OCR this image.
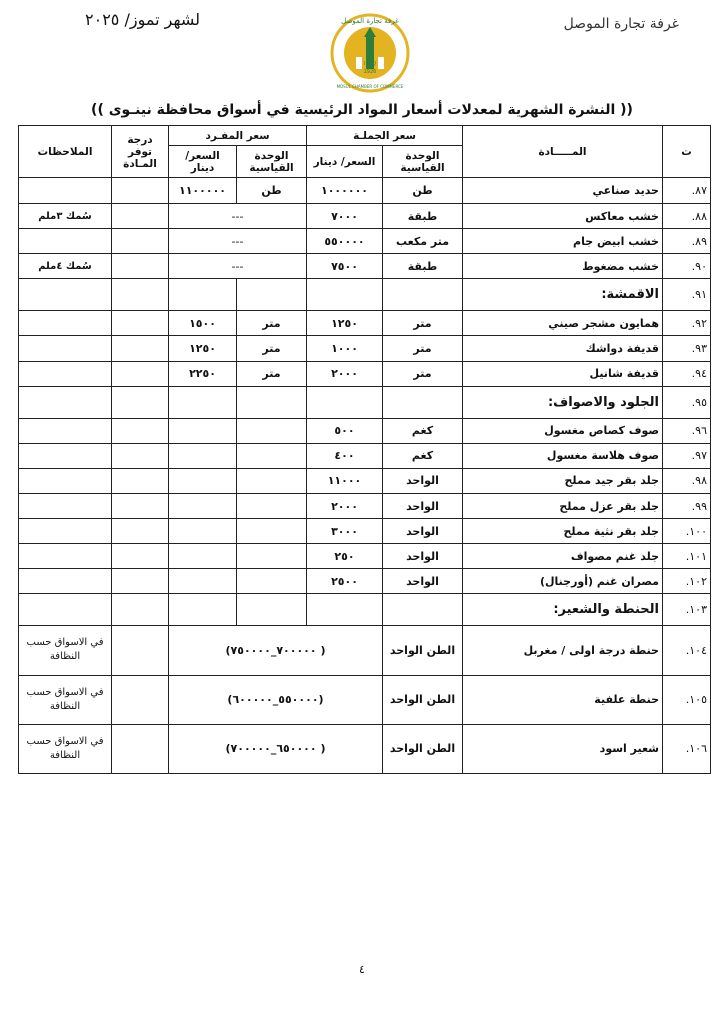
لشهر تموز/ ٢٠٢٥	غرفة تجارة الموصل
غرفة تجارة الموصل
IRAQ
1926
MOSUL CHAMBER OF COMMERCE
(( النشرة الشهرية لمعدلات أسعار المواد الرئيسية في أسواق محافظة نينـوى ))
ت	المـــــادة	سعر الجملـة		سعر المفـرد		درجة توفر المـادة	الملاحظات
		الوحدة القياسية	السعر/ دينار	الوحدة القياسية	السعر/ دينار		
٨٧.	حديد صناعي	طن	١٠٠٠٠٠٠	طن	١١٠٠٠٠٠		
٨٨.	خشب معاكس	طبقة	٧٠٠٠	---			سُمك ٣ملم
٨٩.	خشب ابيض جام	متر مكعب	٥٥٠٠٠٠	---			
٩٠.	خشب مضغوط	طبقة	٧٥٠٠	---			سُمك ٤ملم
٩١.	الاقمشة:						
٩٢.	همايون مشجر صيني	متر	١٢٥٠	متر	١٥٠٠		
٩٣.	قديفة دواشك	متر	١٠٠٠	متر	١٢٥٠		
٩٤.	قديفة شانيل	متر	٢٠٠٠	متر	٢٢٥٠		
٩٥.	الجلود والاصواف:						
٩٦.	صوف كصاص مغسول	كغم	٥٠٠				
٩٧.	صوف هلاسة مغسول	كغم	٤٠٠				
٩٨.	جلد بقر جيد مملح	الواحد	١١٠٠٠				
٩٩.	جلد بقر عزل مملح	الواحد	٢٠٠٠				
١٠٠.	جلد بقر نثية مملح	الواحد	٣٠٠٠				
١٠١.	جلد غنم مصواف	الواحد	٢٥٠				
١٠٢.	مصران غنم (أورجنال)	الواحد	٢٥٠٠				
١٠٣.	الحنطة والشعير:						
١٠٤.	حنطة درجة اولى / مغربل	الطن الواحد	( ٧٠٠٠٠٠_٧٥٠٠٠٠)				في الاسواق حسب النظافة
١٠٥.	حنطة علفية	الطن الواحد	(٥٥٠٠٠٠_٦٠٠٠٠٠)				في الاسواق حسب النظافة
١٠٦.	شعير اسود	الطن الواحد	( ٦٥٠٠٠٠_٧٠٠٠٠٠)				في الاسواق حسب النظافة
٤
